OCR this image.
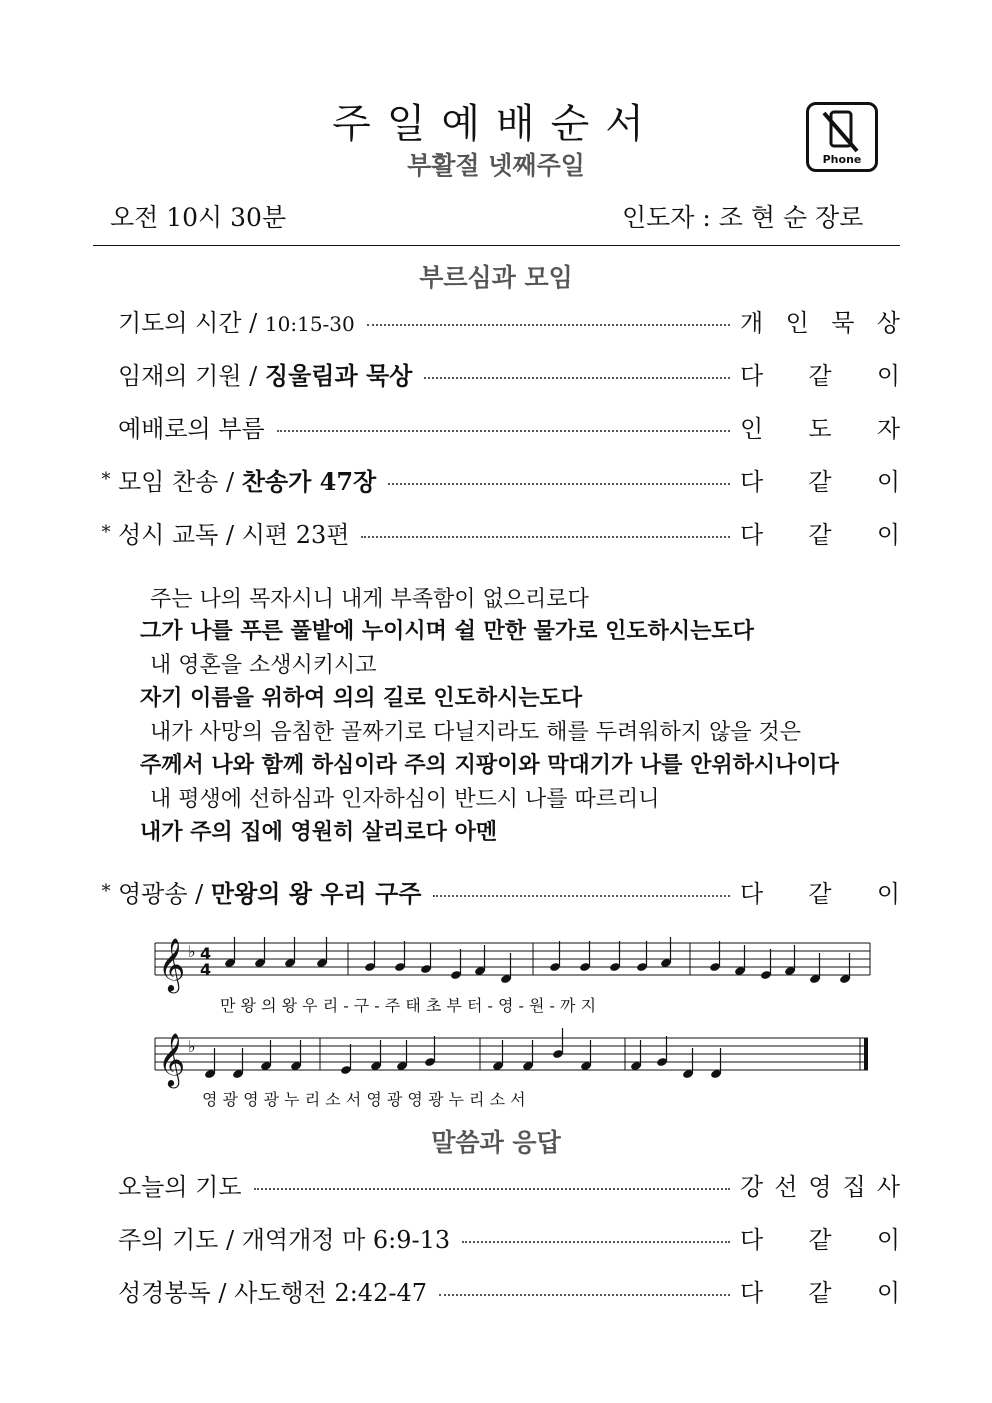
주일예배순서
부활절 넷째주일	Phone
오전 10시 30분	인도자 : 조 현 순 장로
부르심과 모임
기도의 시간 / 10:15-30	개 인 묵 상
임재의 기원 / 징울림과 묵상	다 같 이
예배로의 부름	인 도 자
* 모임 찬송 / 찬송가 47장	다 같 이
* 성시 교독 / 시편 23편	다 같 이
주는 나의 목자시니 내게 부족함이 없으리로다
그가 나를 푸른 풀밭에 누이시며 쉴 만한 물가로 인도하시는도다
내 영혼을 소생시키시고
자기 이름을 위하여 의의 길로 인도하시는도다
내가 사망의 음침한 골짜기로 다닐지라도 해를 두려워하지 않을 것은
주께서 나와 함께 하심이라 주의 지팡이와 막대기가 나를 안위하시나이다
내 평생에 선하심과 인자하심이 반드시 나를 따르리니
내가 주의 집에 영원히 살리로다 아멘
* 영광송 / 만왕의 왕 우리 구주	다 같 이
𝄞
𝄞
♭
♭
4
4
만 왕 의 왕 우 리 - 구 - 주 태 초 부 터 - 영 - 원 - 까 지
영 광 영 광 누 리 소 서 영 광 영 광 누 리 소 서
말씀과 응답
오늘의 기도	강 선 영 집 사
주의 기도 / 개역개정 마 6:9-13	다 같 이
성경봉독 / 사도행전 2:42-47	다 같 이
